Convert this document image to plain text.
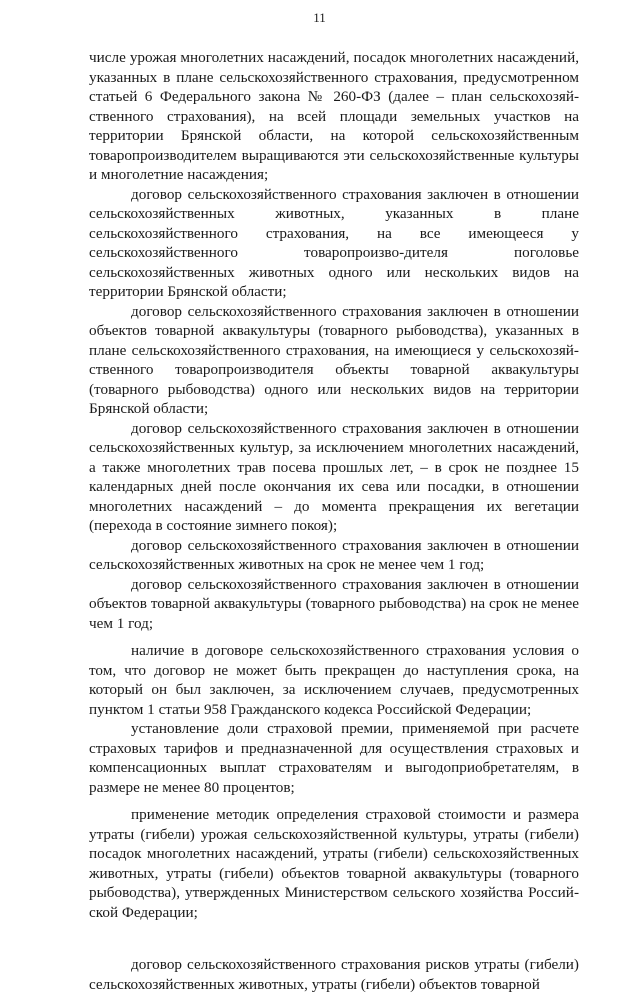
11

числе урожая многолетних насаждений, посадок многолетних насаждений, указанных в плане сельскохозяйственного страхования, предусмотренном статьей 6 Федерального закона № 260-ФЗ (далее – план сельскохозяй-ственного страхования), на всей площади земельных участков на территории Брянской области, на которой сельскохозяйственным товаропроизводителем выращиваются эти сельскохозяйственные культуры и многолетние насаждения;

договор сельскохозяйственного страхования заключен в отношении сельскохозяйственных животных, указанных в плане сельскохозяйственного страхования, на все имеющееся у сельскохозяйственного товаропроизво-дителя поголовье сельскохозяйственных животных одного или нескольких видов на территории Брянской области;

договор сельскохозяйственного страхования заключен в отношении объектов товарной аквакультуры (товарного рыбоводства), указанных в плане сельскохозяйственного страхования, на имеющиеся у сельскохозяй-ственного товаропроизводителя объекты товарной аквакультуры (товарного рыбоводства) одного или нескольких видов на территории Брянской области;

договор сельскохозяйственного страхования заключен в отношении сельскохозяйственных культур, за исключением многолетних насаждений, а также многолетних трав посева прошлых лет, – в срок не позднее 15 календарных дней после окончания их сева или посадки, в отношении многолетних насаждений – до момента прекращения их вегетации (перехода в состояние зимнего покоя);

договор сельскохозяйственного страхования заключен в отношении сельскохозяйственных животных на срок не менее чем 1 год;

договор сельскохозяйственного страхования заключен в отношении объектов товарной аквакультуры (товарного рыбоводства) на срок не менее чем 1 год;

наличие в договоре сельскохозяйственного страхования условия о том, что договор не может быть прекращен до наступления срока, на который он был заключен, за исключением случаев, предусмотренных пунктом 1 статьи 958 Гражданского кодекса Российской Федерации;

установление доли страховой премии, применяемой при расчете страховых тарифов и предназначенной для осуществления страховых и компенсационных выплат страхователям и выгодоприобретателям, в размере не менее 80 процентов;

применение методик определения страховой стоимости и размера утраты (гибели) урожая сельскохозяйственной культуры, утраты (гибели) посадок многолетних насаждений, утраты (гибели) сельскохозяйственных животных, утраты (гибели) объектов товарной аквакультуры (товарного рыбоводства), утвержденных Министерством сельского хозяйства Россий-ской Федерации;

договор сельскохозяйственного страхования рисков утраты (гибели) сельскохозяйственных животных, утраты (гибели) объектов товарной
